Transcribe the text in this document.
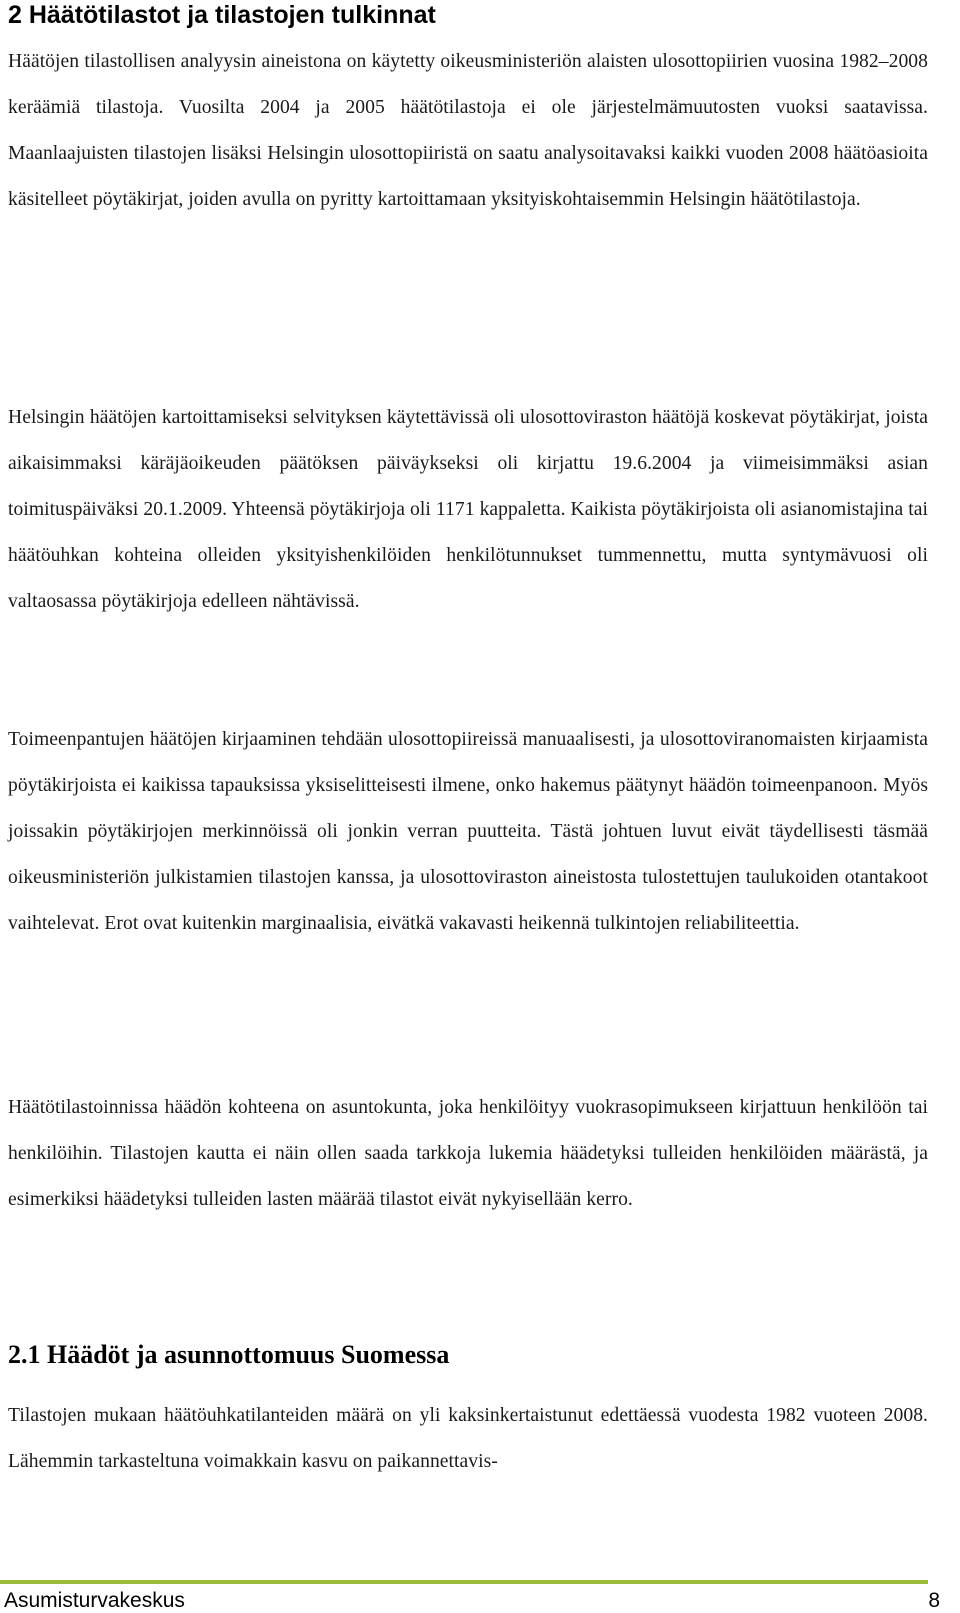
2 Häätötilastot ja tilastojen tulkinnat

Häätöjen tilastollisen analyysin aineistona on käytetty oikeusministeriön alaisten ulosottopiirien vuosina 1982–2008 keräämiä tilastoja. Vuosilta 2004 ja 2005 häätötilastoja ei ole järjestelmämuutosten vuoksi saatavissa. Maanlaajuisten tilastojen lisäksi Helsingin ulosottopiiristä on saatu analysoitavaksi kaikki vuoden 2008 häätöasioita käsitelleet pöytäkirjat, joiden avulla on pyritty kartoittamaan yksityiskohtaisemmin Helsingin häätötilastoja.

Helsingin häätöjen kartoittamiseksi selvityksen käytettävissä oli ulosottoviraston häätöjä koskevat pöytäkirjat, joista aikaisimmaksi käräjäoikeuden päätöksen päiväykseksi oli kirjattu 19.6.2004 ja viimeisimmäksi asian toimituspäiväksi 20.1.2009. Yhteensä pöytäkirjoja oli 1171 kappaletta. Kaikista pöytäkirjoista oli asianomistajina tai häätöuhkan kohteina olleiden yksityishenkilöiden henkilötunnukset tummennettu, mutta syntymävuosi oli valtaosassa pöytäkirjoja edelleen nähtävissä.

Toimeenpantujen häätöjen kirjaaminen tehdään ulosottopiireissä manuaalisesti, ja ulosottoviranomaisten kirjaamista pöytäkirjoista ei kaikissa tapauksissa yksiselitteisesti ilmene, onko hakemus päätynyt häädön toimeenpanoon. Myös joissakin pöytäkirjojen merkinnöissä oli jonkin verran puutteita. Tästä johtuen luvut eivät täydellisesti täsmää oikeusministeriön julkistamien tilastojen kanssa, ja ulosottoviraston aineistosta tulostettujen taulukoiden otantakoot vaihtelevat. Erot ovat kuitenkin marginaalisia, eivätkä vakavasti heikennä tulkintojen reliabiliteettia.

Häätötilastoinnissa häädön kohteena on asuntokunta, joka henkilöityy vuokrasopimukseen kirjattuun henkilöön tai henkilöihin. Tilastojen kautta ei näin ollen saada tarkkoja lukemia häädetyksi tulleiden henkilöiden määrästä, ja esimerkiksi häädetyksi tulleiden lasten määrää tilastot eivät nykyisellään kerro.

2.1 Häädöt ja asunnottomuus Suomessa

Tilastojen mukaan häätöuhkatilanteiden määrä on yli kaksinkertaistunut edettäessä vuodesta 1982 vuoteen 2008. Lähemmin tarkasteltuna voimakkain kasvu on paikannettavis-

Asumisturvakeskus	8
